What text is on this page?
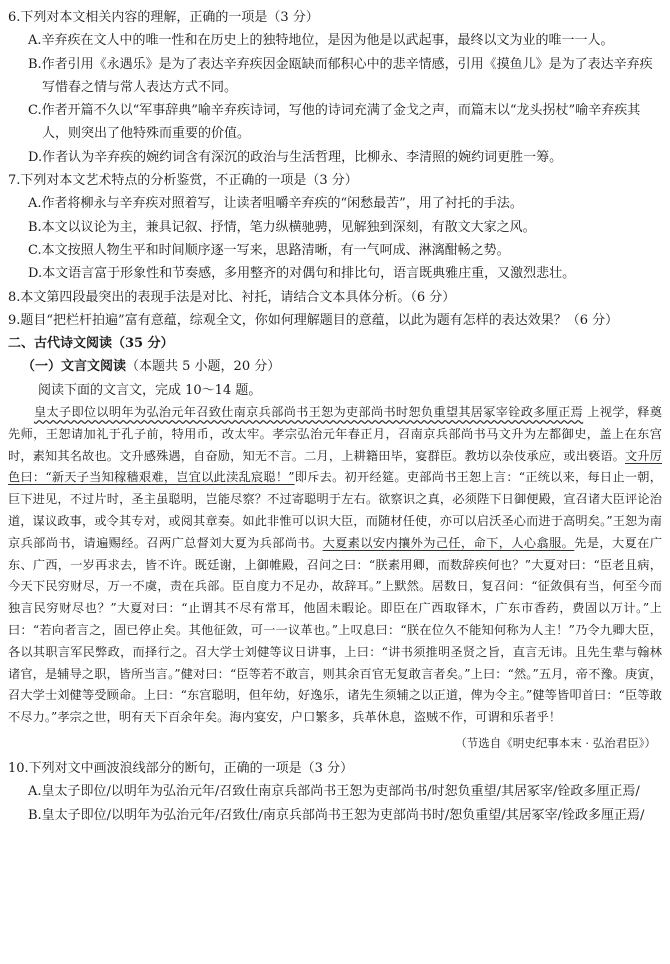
6.下列对本文相关内容的理解，正确的一项是（3 分）

A.辛弃疾在文人中的唯一性和在历史上的独特地位，是因为他是以武起事，最终以文为业的唯一一人。

B.作者引用《永遇乐》是为了表达辛弃疾因金瓯缺而郁积心中的悲辛情感，引用《摸鱼儿》是为了表达辛弃疾写惜春之情与常人表达方式不同。

C.作者开篇不久以“军事辞典”喻辛弃疾诗词，写他的诗词充满了金戈之声，而篇末以“龙头拐杖”喻辛弃疾其人，则突出了他特殊而重要的价值。

D.作者认为辛弃疾的婉约词含有深沉的政治与生活哲理，比柳永、李清照的婉约词更胜一筹。

7.下列对本文艺术特点的分析鉴赏，不正确的一项是（3 分）

A.作者将柳永与辛弃疾对照着写，让读者咀嚼辛弃疾的“闲愁最苦”，用了衬托的手法。

B.本文以议论为主，兼具记叙、抒情，笔力纵横驰骋，见解独到深刻，有散文大家之风。

C.本文按照人物生平和时间顺序逐一写来，思路清晰，有一气呵成、淋漓酣畅之势。

D.本文语言富于形象性和节奏感，多用整齐的对偶句和排比句，语言既典雅庄重，又激烈悲壮。

8.本文第四段最突出的表现手法是对比、衬托，请结合文本具体分析。（6 分）

9.题目“把栏杆拍遍”富有意蕴，综观全文，你如何理解题目的意蕴，以此为题有怎样的表达效果？（6 分）

二、古代诗文阅读（35 分）

（一）文言文阅读（本题共 5 小题，20 分）

阅读下面的文言文，完成 10～14 题。

皇太子即位以明年为弘治元年召致仕南京兵部尚书王恕为吏部尚书时恕负重望其居冢宰铨政多厘正焉 上视学，释奠先师，王恕请加礼于孔子前，特用币，改太牢。孝宗弘治元年春正月，召南京兵部尚书马文升为左都御史，盖上在东宫时，素知其名故也。文升感殊遇，自奋励，知无不言。二月，上耕籍田毕，宴群臣。教坊以杂伎承应，或出亵语。文升厉色曰：“新天子当知稼穑艰难，岂宜以此渎乱宸聪！”即斥去。初开经筵。吏部尚书王恕上言：“正统以来，每日止一朝，巨下进见，不过片时，圣主虽聪明，岂能尽察？不过寄聪明于左右。欲察识之真，必须陛下日御便殿，宣召诸大臣评论治道，谋议政事，或令其专对，或阅其章奏。如此非惟可以识大臣，而随材任使，亦可以启沃圣心而进于高明矣。”王恕为南京兵部尚书，请遍赐经。召两广总督刘大夏为兵部尚书。大夏素以安内攘外为己任，命下，人心翕服。先是，大夏在广东、广西，一岁再求去，皆不许。既廷谢，上御帷殿，召问之曰：“朕素用卿，而数辞疾何也？”大夏对曰：“臣老且病，今天下民穷财尽，万一不虞，责在兵部。臣自度力不足办，故辞耳。”上默然。居数日，复召问：“征敛俱有当，何至今而独言民穷财尽也？”大夏对曰：“止谓其不尽有常耳，他固未暇论。即臣在广西取铎木，广东市香药，费固以万计。”上曰：“若向者言之，固已停止矣。其他征敛，可一一议革也。”上叹息曰：“朕在位久不能知何称为人主！”乃令九卿大臣，各以其职言军民弊政，而择行之。召大学士刘健等议日讲事，上曰：“讲书须推明圣贤之旨，直言无讳。且先生辈与翰林诸官，是辅导之职，皆所当言。”健对曰：“臣等若不敢言，则其余百官无复敢言者矣。”上曰：“然。”五月，帝不豫。庚寅，召大学士刘健等受顾命。上曰：“东宫聪明，但年幼，好逸乐，诸先生须辅之以正道，俾为令主。”健等皆叩首曰：“臣等敢不尽力。”孝宗之世，明有天下百余年矣。海内宴安，户口繁多，兵革休息，盗贼不作，可谓和乐者乎！

（节选自《明史纪事本末 · 弘治君臣》）

10.下列对文中画波浪线部分的断句，正确的一项是（3 分）

A.皇太子即位/以明年为弘治元年/召致仕南京兵部尚书王恕为吏部尚书/时恕负重望/其居冢宰/铨政多厘正焉/

B.皇太子即位/以明年为弘治元年/召致仕/南京兵部尚书王恕为吏部尚书时/恕负重望/其居冢宰/铨政多厘正焉/
